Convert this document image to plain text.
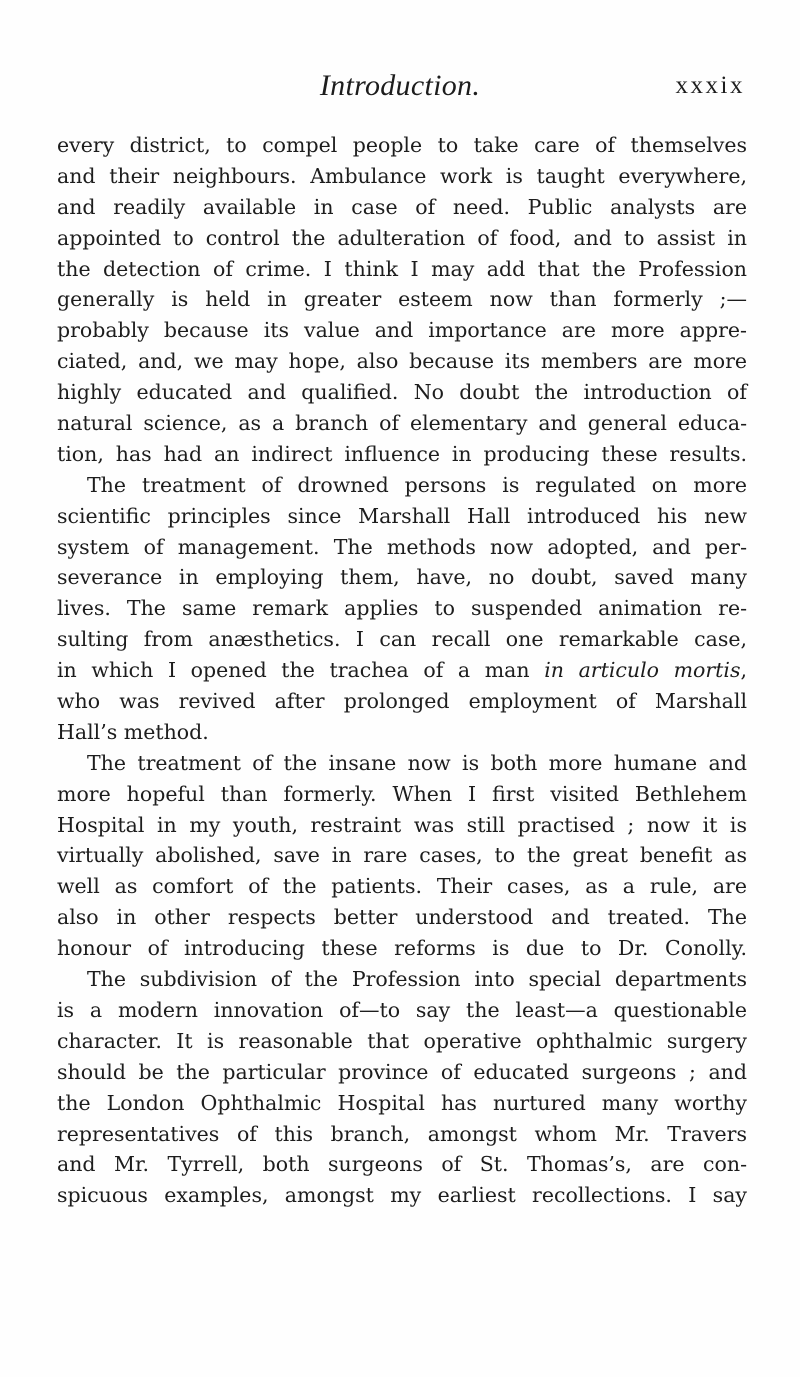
Introduction.	xxxix
every district, to compel people to take care of themselves
and their neighbours. Ambulance work is taught everywhere,
and readily available in case of need. Public analysts are
appointed to control the adulteration of food, and to assist in
the detection of crime. I think I may add that the Profession
generally is held in greater esteem now than formerly ;—
probably because its value and importance are more appre-
ciated, and, we may hope, also because its members are more
highly educated and qualified. No doubt the introduction of
natural science, as a branch of elementary and general educa-
tion, has had an indirect influence in producing these results.
The treatment of drowned persons is regulated on more
scientific principles since Marshall Hall introduced his new
system of management. The methods now adopted, and per-
severance in employing them, have, no doubt, saved many
lives. The same remark applies to suspended animation re-
sulting from anæsthetics. I can recall one remarkable case,
in which I opened the trachea of a man in articulo mortis,
who was revived after prolonged employment of Marshall
Hall’s method.
The treatment of the insane now is both more humane and
more hopeful than formerly. When I first visited Bethlehem
Hospital in my youth, restraint was still practised ; now it is
virtually abolished, save in rare cases, to the great benefit as
well as comfort of the patients. Their cases, as a rule, are
also in other respects better understood and treated. The
honour of introducing these reforms is due to Dr. Conolly.
The subdivision of the Profession into special departments
is a modern innovation of—to say the least—a questionable
character. It is reasonable that operative ophthalmic surgery
should be the particular province of educated surgeons ; and
the London Ophthalmic Hospital has nurtured many worthy
representatives of this branch, amongst whom Mr. Travers
and Mr. Tyrrell, both surgeons of St. Thomas’s, are con-
spicuous examples, amongst my earliest recollections. I say
